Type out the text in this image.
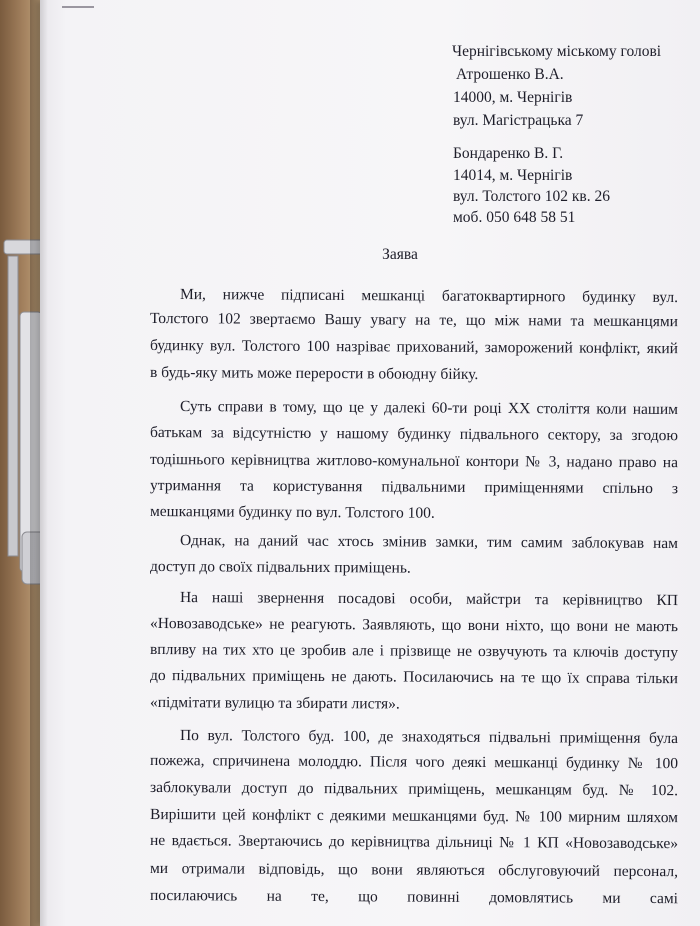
Чернігівському міському голові
Атрошенко В.А.
14000, м. Чернігів
вул. Магістрацька 7
Бондаренко В. Г.
14014, м. Чернігів
вул. Толстого 102 кв. 26
моб. 050 648 58 51
Заява
Ми, нижче підписані мешканці багатоквартирного будинку вул.
Толстого 102 звертаємо Вашу увагу на те, що між нами та мешканцями
будинку вул. Толстого 100 назріває прихований, заморожений конфлікт, який
в будь-яку мить може перерости в обоюдну бійку.
Суть справи в тому, що це у далекі 60-ти році XX століття коли нашим
батькам за відсутністю у нашому будинку підвального сектору, за згодою
тодішнього керівництва житлово-комунальної контори № 3, надано право на
утримання та користування підвальними приміщеннями спільно з
мешканцями будинку по вул. Толстого 100.
Однак, на даний час хтось змінив замки, тим самим заблокував нам
доступ до своїх підвальних приміщень.
На наші звернення посадові особи, майстри та керівництво КП
«Новозаводське» не реагують. Заявляють, що вони ніхто, що вони не мають
впливу на тих хто це зробив але і прізвище не озвучують та ключів доступу
до підвальних приміщень не дають. Посилаючись на те що їх справа тільки
«підмітати вулицю та збирати листя».
По вул. Толстого буд. 100, де знаходяться підвальні приміщення була
пожежа, спричинена молоддю. Після чого деякі мешканці будинку № 100
заблокували доступ до підвальних приміщень, мешканцям буд. № 102.
Вирішити цей конфлікт с деякими мешканцями буд. № 100 мирним шляхом
не вдається. Звертаючись до керівництва дільниці № 1 КП «Новозаводське»
ми отримали відповідь, що вони являються обслуговуючий персонал,
посилаючись на те, що повинні домовлятись ми самі
